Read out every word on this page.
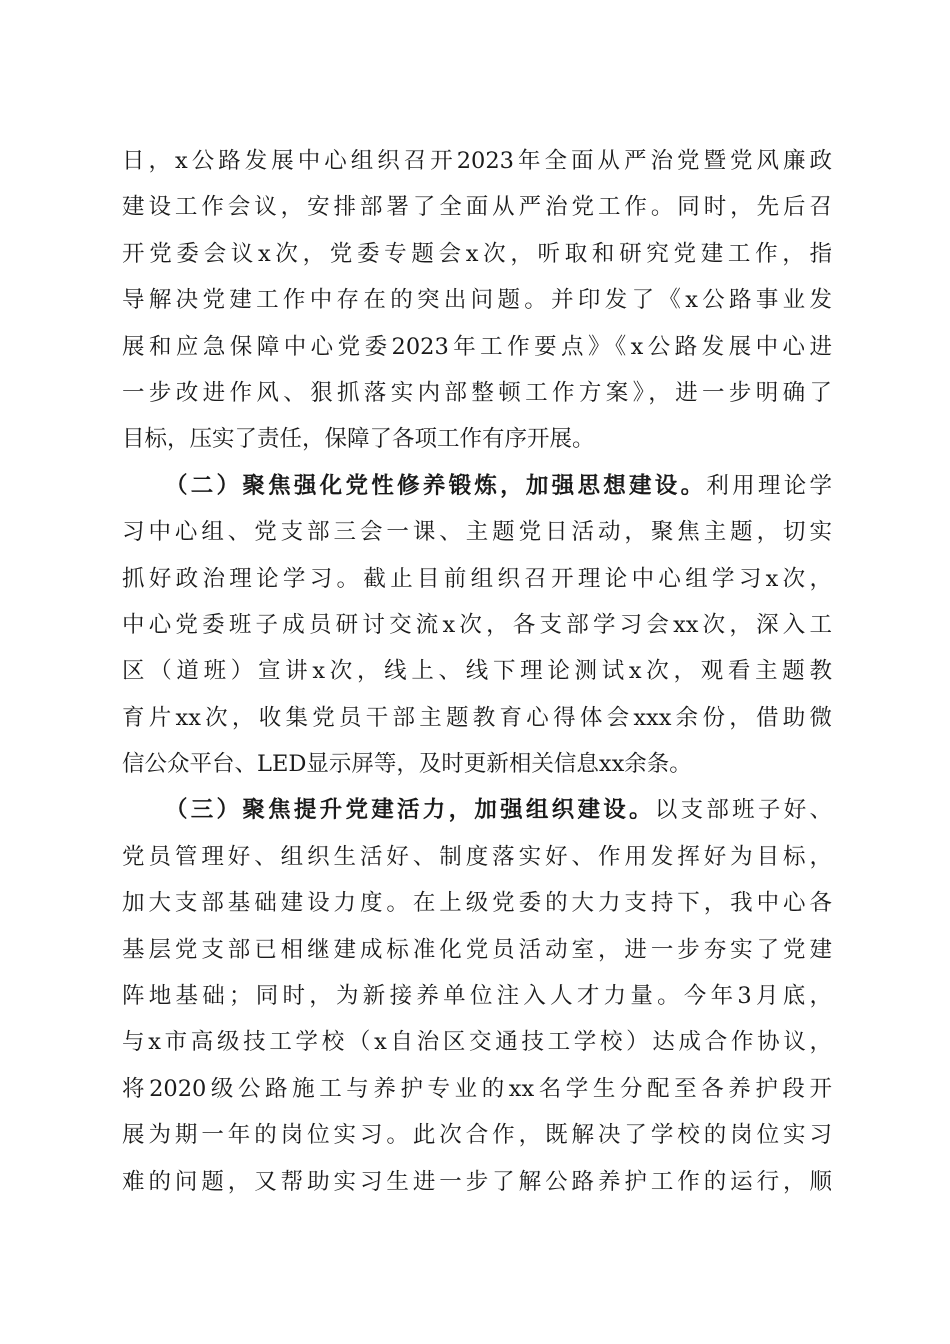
日，x公路发展中心组织召开2023年全面从严治党暨党风廉政
建设工作会议，安排部署了全面从严治党工作。同时，先后召
开党委会议x次，党委专题会x次，听取和研究党建工作，指
导解决党建工作中存在的突出问题。并印发了《x公路事业发
展和应急保障中心党委2023年工作要点》《x公路发展中心进
一步改进作风、狠抓落实内部整顿工作方案》，进一步明确了
目标，压实了责任，保障了各项工作有序开展。
（二）聚焦强化党性修养锻炼，加强思想建设。利用理论学
习中心组、党支部三会一课、主题党日活动，聚焦主题，切实
抓好政治理论学习。截止目前组织召开理论中心组学习x次，
中心党委班子成员研讨交流x次，各支部学习会xx次，深入工
区（道班）宣讲x次，线上、线下理论测试x次，观看主题教
育片xx次，收集党员干部主题教育心得体会xxx余份，借助微
信公众平台、LED显示屏等，及时更新相关信息xx余条。
（三）聚焦提升党建活力，加强组织建设。以支部班子好、
党员管理好、组织生活好、制度落实好、作用发挥好为目标，
加大支部基础建设力度。在上级党委的大力支持下，我中心各
基层党支部已相继建成标准化党员活动室，进一步夯实了党建
阵地基础；同时，为新接养单位注入人才力量。今年3月底，
与x市高级技工学校（x自治区交通技工学校）达成合作协议，
将2020级公路施工与养护专业的xx名学生分配至各养护段开
展为期一年的岗位实习。此次合作，既解决了学校的岗位实习
难的问题，又帮助实习生进一步了解公路养护工作的运行，顺
